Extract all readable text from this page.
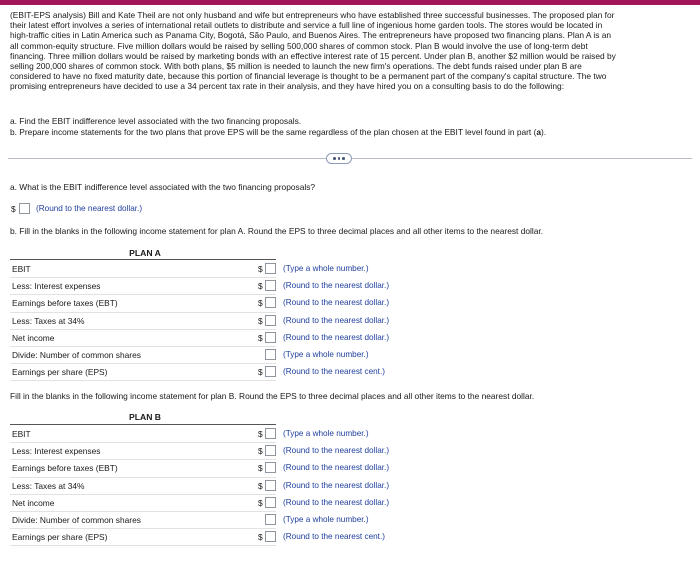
(EBIT-EPS analysis) Bill and Kate Theil are not only husband and wife but entrepreneurs who have established three successful businesses. The proposed plan for
their latest effort involves a series of international retail outlets to distribute and service a full line of ingenious home garden tools. The stores would be located in
high-traffic cities in Latin America such as Panama City, Bogotá, São Paulo, and Buenos Aires. The entrepreneurs have proposed two financing plans. Plan A is an
all common-equity structure. Five million dollars would be raised by selling 500,000 shares of common stock. Plan B would involve the use of long-term debt
financing. Three million dollars would be raised by marketing bonds with an effective interest rate of 15 percent. Under plan B, another $2 million would be raised by
selling 200,000 shares of common stock. With both plans, $5 million is needed to launch the new firm's operations. The debt funds raised under plan B are
considered to have no fixed maturity date, because this portion of financial leverage is thought to be a permanent part of the company's capital structure. The two
promising entrepreneurs have decided to use a 34 percent tax rate in their analysis, and they have hired you on a consulting basis to do the following:
a. Find the EBIT indifference level associated with the two financing proposals.
b. Prepare income statements for the two plans that prove EPS will be the same regardless of the plan chosen at the EBIT level found in part (a).
a. What is the EBIT indifference level associated with the two financing proposals?
$ (Round to the nearest dollar.)
b. Fill in the blanks in the following income statement for plan A. Round the EPS to three decimal places and all other items to the nearest dollar.
PLAN A
EBIT	$ (Type a whole number.)
Less: Interest expenses	$ (Round to the nearest dollar.)
Earnings before taxes (EBT)	$ (Round to the nearest dollar.)
Less: Taxes at 34%	$ (Round to the nearest dollar.)
Net income	$ (Round to the nearest dollar.)
Divide: Number of common shares	(Type a whole number.)
Earnings per share (EPS)	$ (Round to the nearest cent.)
Fill in the blanks in the following income statement for plan B. Round the EPS to three decimal places and all other items to the nearest dollar.
PLAN B
EBIT	$ (Type a whole number.)
Less: Interest expenses	$ (Round to the nearest dollar.)
Earnings before taxes (EBT)	$ (Round to the nearest dollar.)
Less: Taxes at 34%	$ (Round to the nearest dollar.)
Net income	$ (Round to the nearest dollar.)
Divide: Number of common shares	(Type a whole number.)
Earnings per share (EPS)	$ (Round to the nearest cent.)
